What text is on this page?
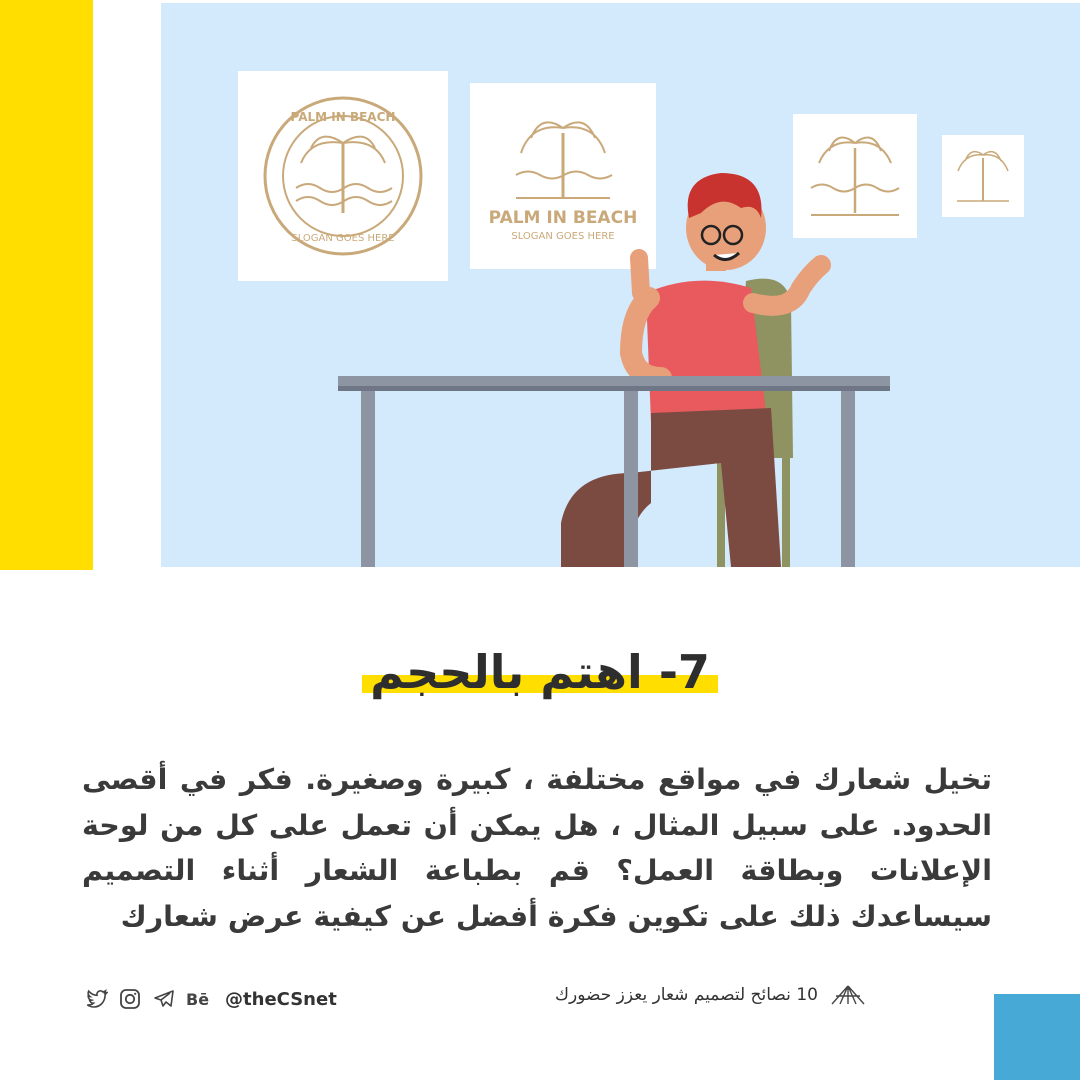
PALM IN BEACH
SLOGAN GOES HERE
PALM IN BEACH
SLOGAN GOES HERE
7- اهتم بالحجم
تخيل شعارك في مواقع مختلفة ، كبيرة وصغيرة. فكر في أقصى الحدود. على سبيل المثال ، هل يمكن أن تعمل على كل من لوحة الإعلانات وبطاقة العمل؟ قم بطباعة الشعار أثناء التصميم سيساعدك ذلك على تكوين فكرة أفضل عن كيفية عرض شعارك
Bē @theCSnet	10 نصائح لتصميم شعار يعزز حضورك
